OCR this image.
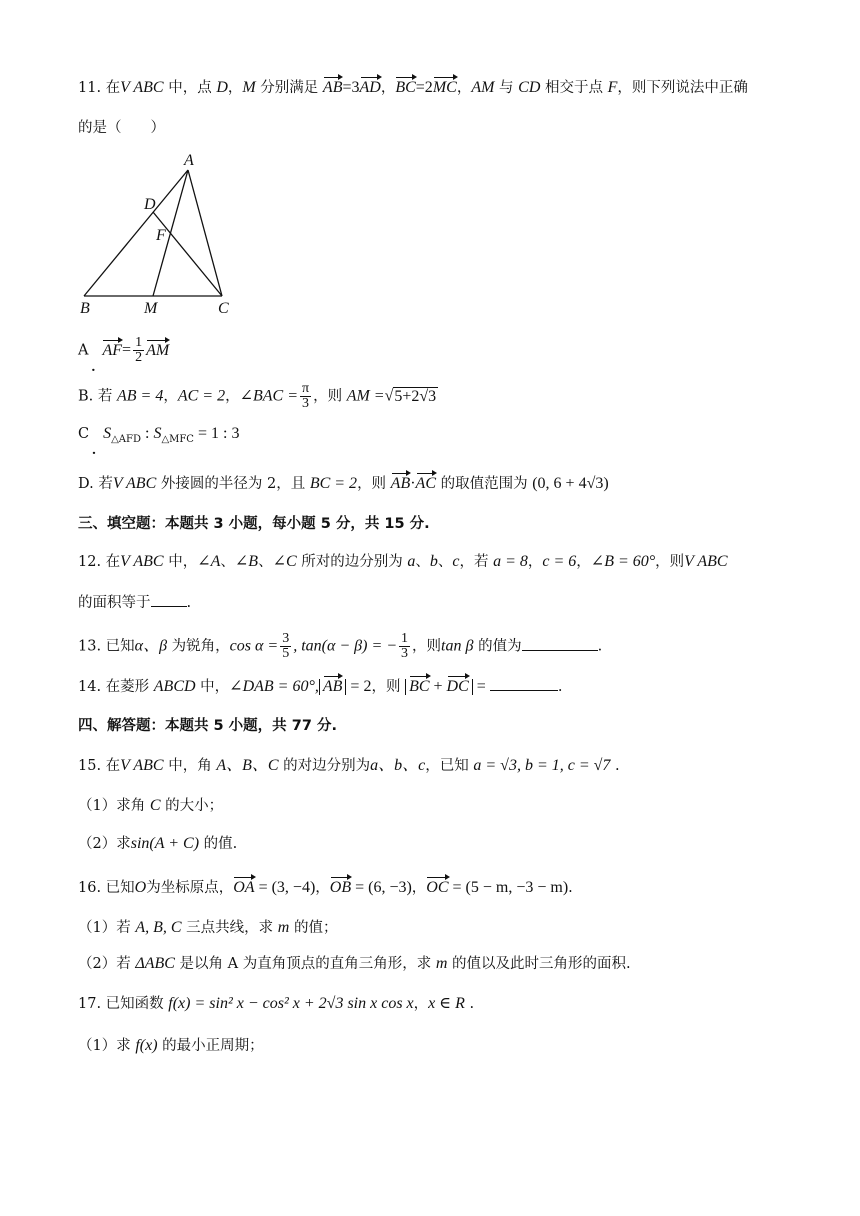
11. 在V ABC 中，点 D，M 分别满足 AB=3AD，BC=2MC，AM 与 CD 相交于点 F，则下列说法中正确
的是（　　）
A
B	C
D
F
M
A $AF= \frac{1}{2}$ AM
B. 若 AB = 4，AC = 2，∠BAC = $\frac{\pi}{3}$ ，则 AM =√5+2√3
C $S_{\triangle AFD}$ : $S_{\triangle MFC} = 1$ : 3
D. 若V ABC 外接圆的半径为 2，且 BC = 2，则 AB·AC 的取值范围为 (0, 6 + 4√3)
三、填空题：本题共 3 小题，每小题 5 分，共 15 分.
12. 在V ABC 中，∠A、∠B、∠C 所对的边分别为 a、b、c，若 a = 8，c = 6，∠B = 60°，则V ABC
的面积等于 .
13. 已知α、β 为锐角，$\cos \alpha = \frac{3}{5}$ , tan(α − β) = − $\frac{1}{3}$ ，则tan β 的值为	.
14. 在菱形 ABCD 中，∠DAB = 60°, AB = 2，则 BC + DC =	.
四、解答题：本题共 5 小题，共 77 分.
15. 在V ABC 中，角 A、B、C 的对边分别为a、b、c，已知 a = √3, b = 1, c = √7 .
（1）求角 C 的大小；
（2）求sin(A + C) 的值.
16. 已知O为坐标原点，OA = (3, −4)，OB = (6, −3)，OC = (5 − m, −3 − m).
（1）若 A, B, C 三点共线，求 m 的值；
（2）若 ΔABC 是以角 A 为直角顶点的直角三角形，求 m 的值以及此时三角形的面积.
17. 已知函数 f(x) = sin² x − cos² x + 2√3 sin x cos x，x ∈ R .
（1）求 f(x) 的最小正周期；
